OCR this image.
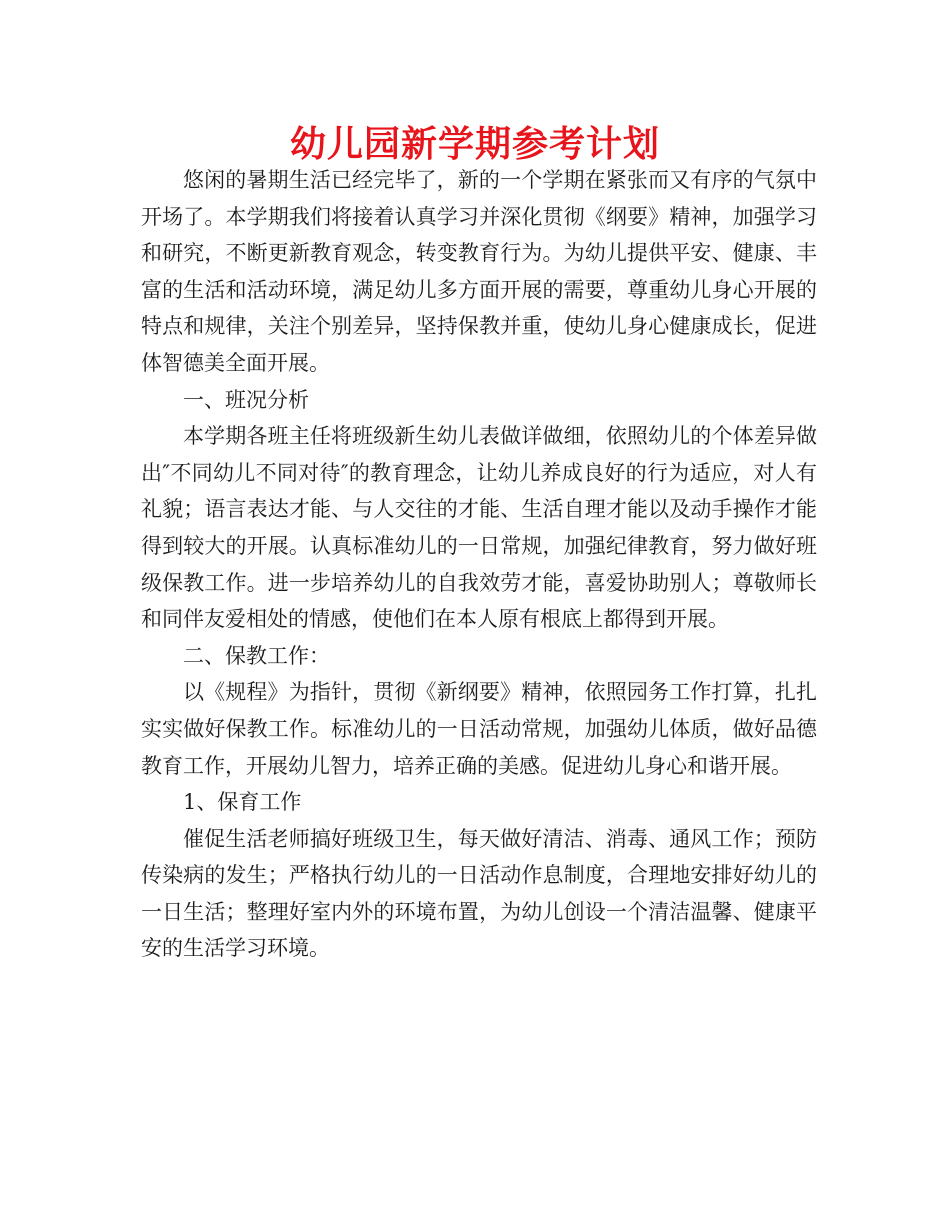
幼儿园新学期参考计划

悠闲的暑期生活已经完毕了，新的一个学期在紧张而又有序的气氛中开场了。本学期我们将接着认真学习并深化贯彻《纲要》精神，加强学习和研究，不断更新教育观念，转变教育行为。为幼儿提供平安、健康、丰富的生活和活动环境，满足幼儿多方面开展的需要，尊重幼儿身心开展的特点和规律，关注个别差异，坚持保教并重，使幼儿身心健康成长，促进体智德美全面开展。

一、班况分析

本学期各班主任将班级新生幼儿表做详做细，依照幼儿的个体差异做出″不同幼儿不同对待″的教育理念，让幼儿养成良好的行为适应，对人有礼貌；语言表达才能、与人交往的才能、生活自理才能以及动手操作才能得到较大的开展。认真标准幼儿的一日常规，加强纪律教育，努力做好班级保教工作。进一步培养幼儿的自我效劳才能，喜爱协助别人；尊敬师长和同伴友爱相处的情感，使他们在本人原有根底上都得到开展。

二、保教工作：

以《规程》为指针，贯彻《新纲要》精神，依照园务工作打算，扎扎实实做好保教工作。标准幼儿的一日活动常规，加强幼儿体质，做好品德教育工作，开展幼儿智力，培养正确的美感。促进幼儿身心和谐开展。

1、保育工作

催促生活老师搞好班级卫生，每天做好清洁、消毒、通风工作；预防传染病的发生；严格执行幼儿的一日活动作息制度，合理地安排好幼儿的一日生活；整理好室内外的环境布置，为幼儿创设一个清洁温馨、健康平安的生活学习环境。
